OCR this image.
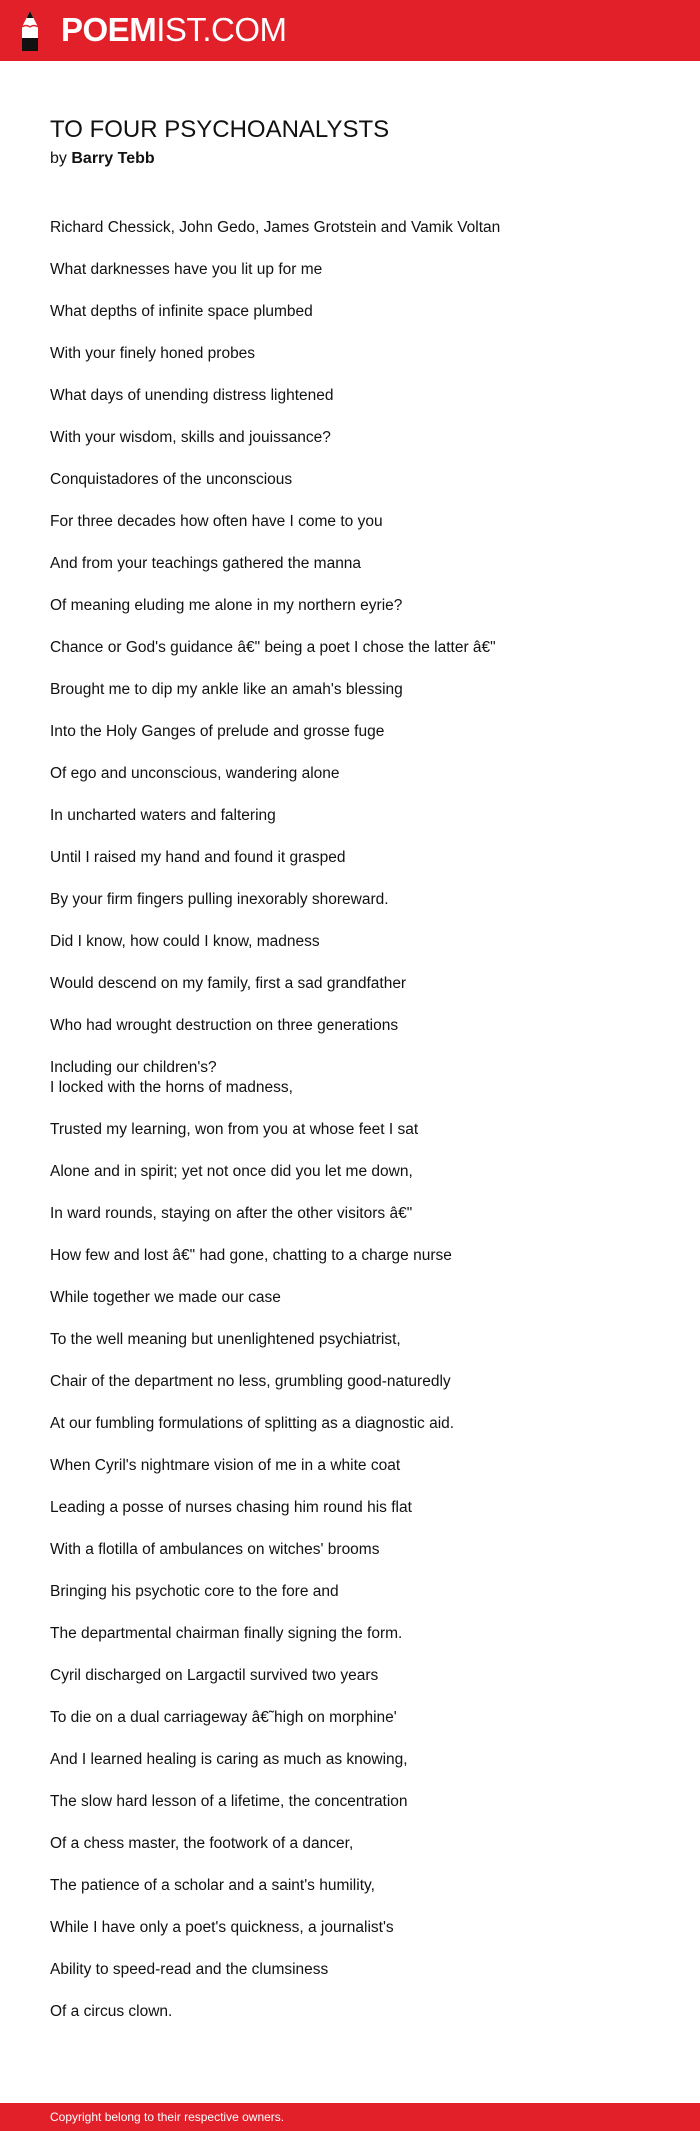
POEMIST.COM
TO FOUR PSYCHOANALYSTS
by Barry Tebb

Richard Chessick, John Gedo, James Grotstein and Vamik Voltan

What darknesses have you lit up for me

What depths of infinite space plumbed

With your finely honed probes

What days of unending distress lightened

With your wisdom, skills and jouissance?

Conquistadores of the unconscious

For three decades how often have I come to you

And from your teachings gathered the manna

Of meaning eluding me alone in my northern eyrie?

Chance or God's guidance â€" being a poet I chose the latter â€"

Brought me to dip my ankle like an amah's blessing

Into the Holy Ganges of prelude and grosse fuge

Of ego and unconscious, wandering alone

In uncharted waters and faltering

Until I raised my hand and found it grasped

By your firm fingers pulling inexorably shoreward.

Did I know, how could I know, madness

Would descend on my family, first a sad grandfather

Who had wrought destruction on three generations

Including our children's?
I locked with the horns of madness,

Trusted my learning, won from you at whose feet I sat

Alone and in spirit; yet not once did you let me down,

In ward rounds, staying on after the other visitors â€"

How few and lost â€" had gone, chatting to a charge nurse

While together we made our case

To the well meaning but unenlightened psychiatrist,

Chair of the department no less, grumbling good-naturedly

At our fumbling formulations of splitting as a diagnostic aid.

When Cyril's nightmare vision of me in a white coat

Leading a posse of nurses chasing him round his flat

With a flotilla of ambulances on witches' brooms

Bringing his psychotic core to the fore and

The departmental chairman finally signing the form.

Cyril discharged on Largactil survived two years

To die on a dual carriageway â€˜high on morphine'

And I learned healing is caring as much as knowing,

The slow hard lesson of a lifetime, the concentration

Of a chess master, the footwork of a dancer,

The patience of a scholar and a saint's humility,

While I have only a poet's quickness, a journalist's

Ability to speed-read and the clumsiness

Of a circus clown.

Copyright belong to their respective owners.
